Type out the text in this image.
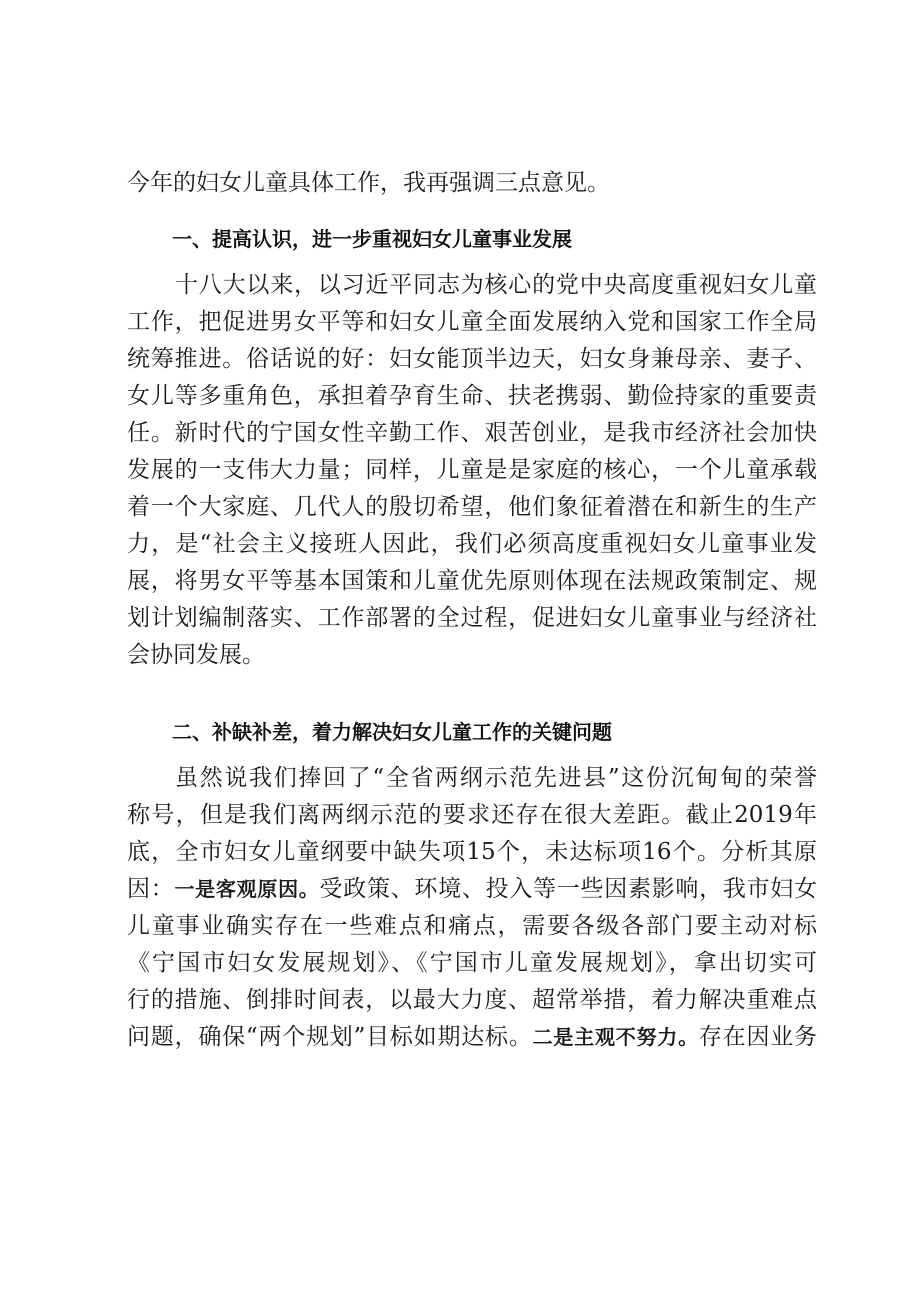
今年的妇女儿童具体工作，我再强调三点意见。
一、提高认识，进一步重视妇女儿童事业发展
十八大以来，以习近平同志为核心的党中央高度重视妇女儿童
工作，把促进男女平等和妇女儿童全面发展纳入党和国家工作全局
统筹推进。俗话说的好：妇女能顶半边天，妇女身兼母亲、妻子、
女儿等多重角色，承担着孕育生命、扶老携弱、勤俭持家的重要责
任。新时代的宁国女性辛勤工作、艰苦创业，是我市经济社会加快
发展的一支伟大力量；同样，儿童是是家庭的核心，一个儿童承载
着一个大家庭、几代人的殷切希望，他们象征着潜在和新生的生产
力，是“社会主义接班人因此，我们必须高度重视妇女儿童事业发
展，将男女平等基本国策和儿童优先原则体现在法规政策制定、规
划计划编制落实、工作部署的全过程，促进妇女儿童事业与经济社
会协同发展。
二、补缺补差，着力解决妇女儿童工作的关键问题
虽然说我们捧回了“全省两纲示范先进县”这份沉甸甸的荣誉
称号，但是我们离两纲示范的要求还存在很大差距。截止2019年
底，全市妇女儿童纲要中缺失项15个，未达标项16个。分析其原
因：一是客观原因。受政策、环境、投入等一些因素影响，我市妇女
儿童事业确实存在一些难点和痛点，需要各级各部门要主动对标
《宁国市妇女发展规划》、《宁国市儿童发展规划》，拿出切实可
行的措施、倒排时间表，以最大力度、超常举措，着力解决重难点
问题，确保“两个规划”目标如期达标。二是主观不努力。存在因业务
